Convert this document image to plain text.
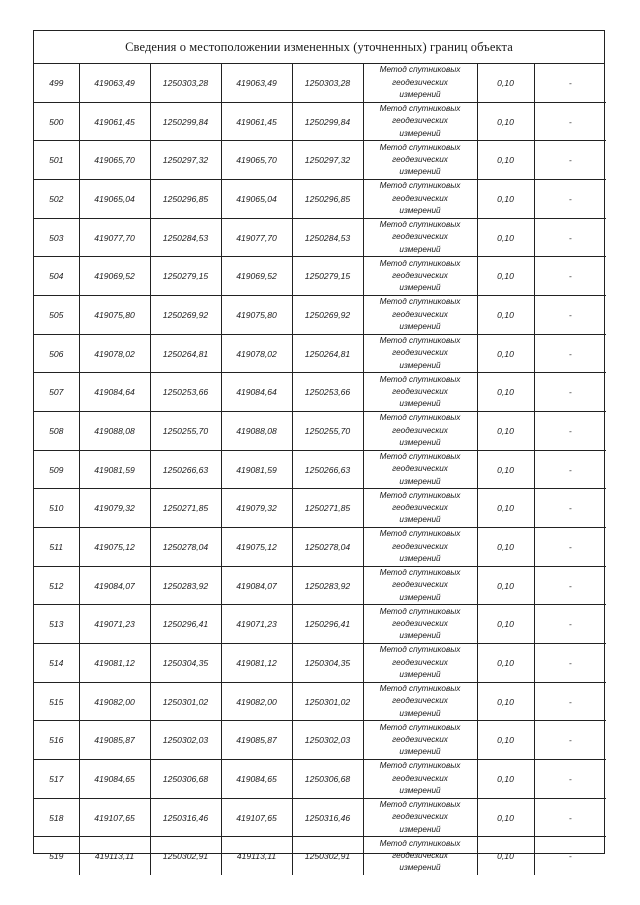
Сведения о местоположении измененных (уточненных) границ объекта
499	419063,49	1250303,28	419063,49	1250303,28	Метод спутниковых
геодезических
измерений	0,10	-
500	419061,45	1250299,84	419061,45	1250299,84	Метод спутниковых
геодезических
измерений	0,10	-
501	419065,70	1250297,32	419065,70	1250297,32	Метод спутниковых
геодезических
измерений	0,10	-
502	419065,04	1250296,85	419065,04	1250296,85	Метод спутниковых
геодезических
измерений	0,10	-
503	419077,70	1250284,53	419077,70	1250284,53	Метод спутниковых
геодезических
измерений	0,10	-
504	419069,52	1250279,15	419069,52	1250279,15	Метод спутниковых
геодезических
измерений	0,10	-
505	419075,80	1250269,92	419075,80	1250269,92	Метод спутниковых
геодезических
измерений	0,10	-
506	419078,02	1250264,81	419078,02	1250264,81	Метод спутниковых
геодезических
измерений	0,10	-
507	419084,64	1250253,66	419084,64	1250253,66	Метод спутниковых
геодезических
измерений	0,10	-
508	419088,08	1250255,70	419088,08	1250255,70	Метод спутниковых
геодезических
измерений	0,10	-
509	419081,59	1250266,63	419081,59	1250266,63	Метод спутниковых
геодезических
измерений	0,10	-
510	419079,32	1250271,85	419079,32	1250271,85	Метод спутниковых
геодезических
измерений	0,10	-
511	419075,12	1250278,04	419075,12	1250278,04	Метод спутниковых
геодезических
измерений	0,10	-
512	419084,07	1250283,92	419084,07	1250283,92	Метод спутниковых
геодезических
измерений	0,10	-
513	419071,23	1250296,41	419071,23	1250296,41	Метод спутниковых
геодезических
измерений	0,10	-
514	419081,12	1250304,35	419081,12	1250304,35	Метод спутниковых
геодезических
измерений	0,10	-
515	419082,00	1250301,02	419082,00	1250301,02	Метод спутниковых
геодезических
измерений	0,10	-
516	419085,87	1250302,03	419085,87	1250302,03	Метод спутниковых
геодезических
измерений	0,10	-
517	419084,65	1250306,68	419084,65	1250306,68	Метод спутниковых
геодезических
измерений	0,10	-
518	419107,65	1250316,46	419107,65	1250316,46	Метод спутниковых
геодезических
измерений	0,10	-
519	419113,11	1250302,91	419113,11	1250302,91	Метод спутниковых
геодезических
измерений	0,10	-
